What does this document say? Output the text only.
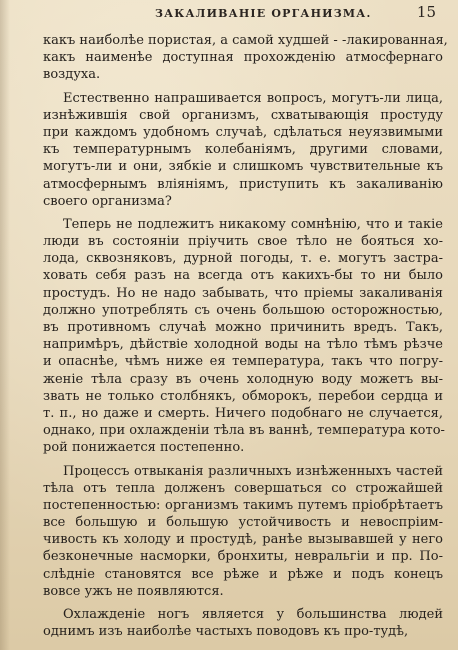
ЗАКАЛИВАНІЕ ОРГАНИЗМА.	15
какъ наиболѣе пористая, а самой худшей - -лакированная,
какъ наименѣе доступная прохожденію атмосфернаго
воздуха.
Естественно напрашивается вопросъ, могутъ-ли лица,
изнѣжившія свой организмъ, схватывающія простуду
при каждомъ удобномъ случаѣ, сдѣлаться неуязвимыми
къ температурнымъ колебаніямъ, другими словами,
могутъ-ли и они, зябкіе и слишкомъ чувствительные къ
атмосфернымъ вліяніямъ, приступить къ закаливанію
своего организма?
Теперь не подлежитъ никакому сомнѣнію, что и такіе
люди въ состояніи пріучить свое тѣло не бояться хо-
лода, сквозняковъ, дурной погоды, т. е. могутъ застра-
ховать себя разъ на всегда отъ какихъ-бы то ни было
простудъ. Но не надо забывать, что пріемы закаливанія
должно употреблять съ очень большою осторожностью,
въ противномъ случаѣ можно причинить вредъ. Такъ,
напримѣръ, дѣйствіе холодной воды на тѣло тѣмъ рѣзче
и опаснѣе, чѣмъ ниже ея температура, такъ что погру-
женіе тѣла сразу въ очень холодную воду можетъ вы-
звать не только столбнякъ, обморокъ, перебои сердца и
т. п., но даже и смерть. Ничего подобнаго не случается,
однако, при охлажденіи тѣла въ ваннѣ, температура кото-
рой понижается постепенно.
Процессъ отвыканія различныхъ изнѣженныхъ частей
тѣла отъ тепла долженъ совершаться со строжайшей
постепенностью: организмъ такимъ путемъ пріобрѣтаетъ
все большую и большую устойчивость и невоспріим-
чивость къ холоду и простудѣ, ранѣе вызывавшей у него
безконечные насморки, бронхиты, невральгіи и пр. По-
слѣдніе становятся все рѣже и рѣже и подъ конецъ
вовсе ужъ не появляются.
Охлажденіе ногъ является у большинства людей
однимъ изъ наиболѣе частыхъ поводовъ къ про-тудѣ,
